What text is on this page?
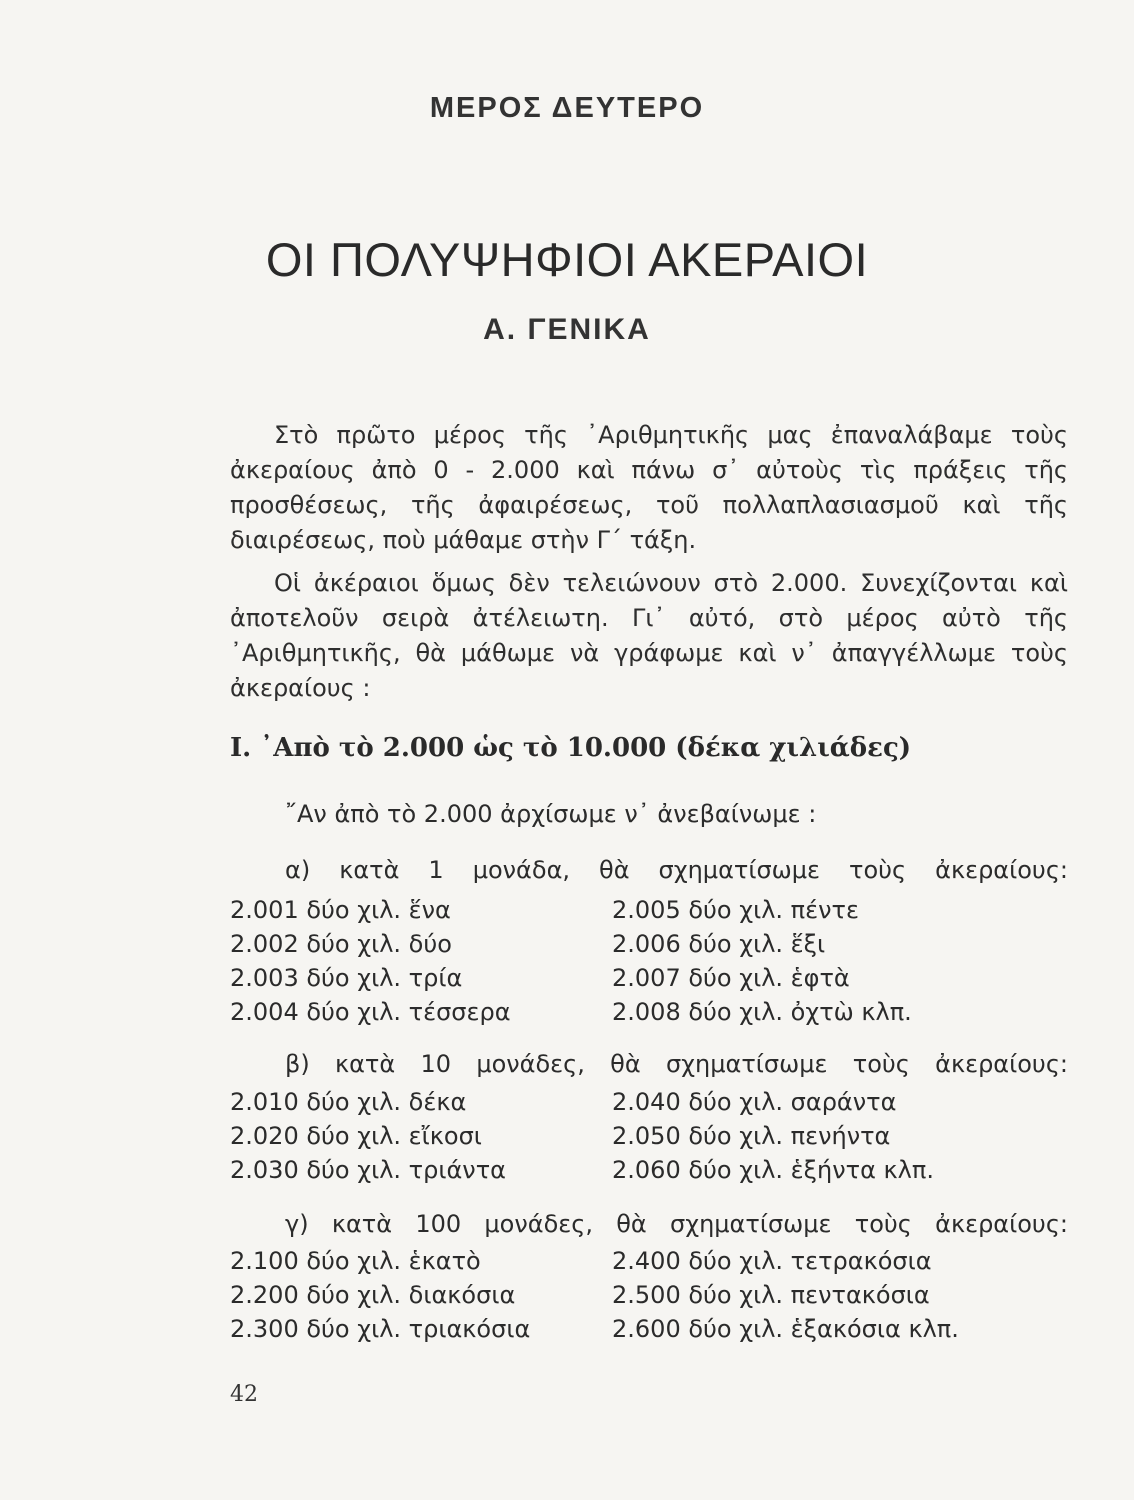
ΜΕΡΟΣ ΔΕΥΤΕΡΟ
ΟΙ ΠΟΛΥΨΗΦΙΟΙ ΑΚΕΡΑΙΟΙ
Α. ΓΕΝΙΚΑ
Στὸ πρῶτο μέρος τῆς ᾿Αριθμητικῆς μας ἐπαναλάβαμε τοὺς ἀκεραίους ἀπὸ 0 - 2.000 καὶ πάνω σ᾿ αὐτοὺς τὶς πράξεις τῆς προσθέσεως, τῆς ἀφαιρέσεως, τοῦ πολλαπλασιασμοῦ καὶ τῆς διαιρέσεως, ποὺ μάθαμε στὴν Γ΄ τάξη.
Οἱ ἀκέραιοι ὅμως δὲν τελειώνουν στὸ 2.000. Συνεχίζονται καὶ ἀποτελοῦν σειρὰ ἀτέλειωτη. Γι᾿ αὐτό, στὸ μέρος αὐτὸ τῆς ᾿Αριθμητικῆς, θὰ μάθωμε νὰ γράφωμε καὶ ν᾿ ἀπαγγέλλωμε τοὺς ἀκεραίους :
Ι. ᾿Απὸ τὸ 2.000 ὡς τὸ 10.000 (δέκα χιλιάδες)
῎Αν ἀπὸ τὸ 2.000 ἀρχίσωμε ν᾿ ἀνεβαίνωμε :
α) κατὰ 1 μονάδα, θὰ σχηματίσωμε τοὺς ἀκεραίους:
2.001 δύο χιλ. ἕνα
2.002 δύο χιλ. δύο
2.003 δύο χιλ. τρία
2.004 δύο χιλ. τέσσερα
2.005 δύο χιλ. πέντε
2.006 δύο χιλ. ἕξι
2.007 δύο χιλ. ἑφτὰ
2.008 δύο χιλ. ὀχτὼ κλπ.
β) κατὰ 10 μονάδες, θὰ σχηματίσωμε τοὺς ἀκεραίους:
2.010 δύο χιλ. δέκα
2.020 δύο χιλ. εἴκοσι
2.030 δύο χιλ. τριάντα
2.040 δύο χιλ. σαράντα
2.050 δύο χιλ. πενήντα
2.060 δύο χιλ. ἑξήντα κλπ.
γ) κατὰ 100 μονάδες, θὰ σχηματίσωμε τοὺς ἀκεραίους:
2.100 δύο χιλ. ἑκατὸ
2.200 δύο χιλ. διακόσια
2.300 δύο χιλ. τριακόσια
2.400 δύο χιλ. τετρακόσια
2.500 δύο χιλ. πεντακόσια
2.600 δύο χιλ. ἑξακόσια κλπ.
42
